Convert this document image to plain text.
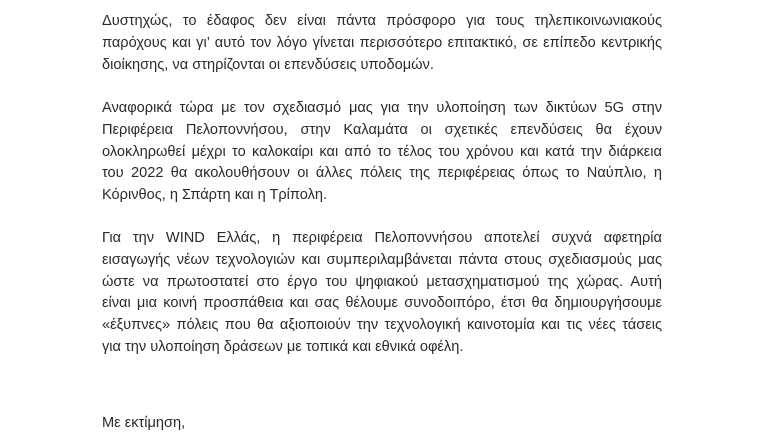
Δυστηχώς, το έδαφος δεν είναι πάντα πρόσφορο για τους τηλεπικοινωνιακούς
παρόχους και γι’ αυτό τον λόγο γίνεται περισσότερο επιτακτικό, σε επίπεδο κεντρικής
διοίκησης, να στηρίζονται οι επενδύσεις υποδομών.

Αναφορικά τώρα με τον σχεδιασμό μας για την υλοποίηση των δικτύων 5G στην
Περιφέρεια Πελοποννήσου, στην Καλαμάτα οι σχετικές επενδύσεις θα έχουν
ολοκληρωθεί μέχρι το καλοκαίρι και από το τέλος του χρόνου και κατά την διάρκεια
του 2022 θα ακολουθήσουν οι άλλες πόλεις της περιφέρειας όπως το Ναύπλιο, η
Κόρινθος, η Σπάρτη και η Τρίπολη.

Για την WIND Ελλάς, η περιφέρεια Πελοποννήσου αποτελεί συχνά αφετηρία
εισαγωγής νέων τεχνολογιών και συμπεριλαμβάνεται πάντα στους σχεδιασμούς μας
ώστε να πρωτοστατεί στο έργο του ψηφιακού μετασχηματισμού της χώρας. Αυτή
είναι μια κοινή προσπάθεια και σας θέλουμε συνοδοιπόρο, έτσι θα δημιουργήσουμε
«έξυπνες» πόλεις που θα αξιοποιούν την τεχνολογική καινοτομία και τις νέες τάσεις
για την υλοποίηση δράσεων με τοπικά και εθνικά οφέλη.

Με εκτίμηση,
